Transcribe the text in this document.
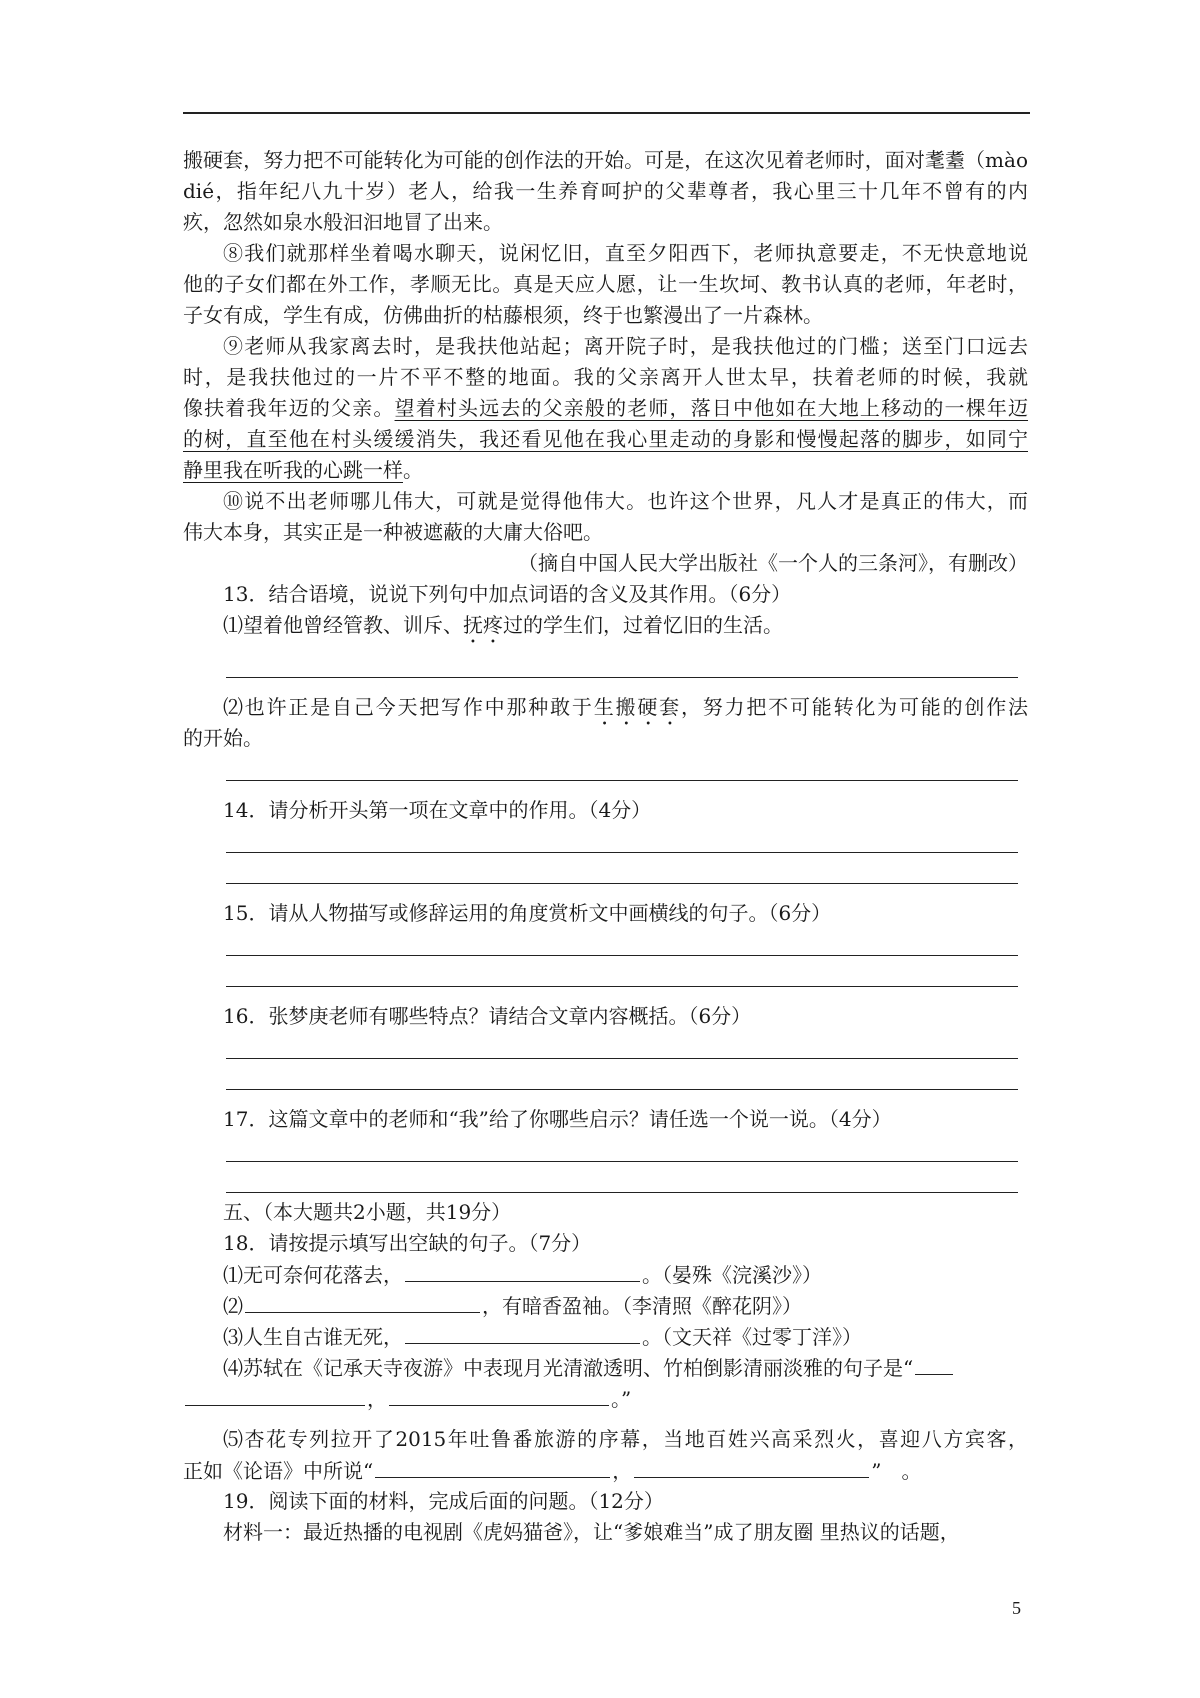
搬硬套，努力把不可能转化为可能的创作法的开始。可是，在这次见着老师时，面对耄耋（mào
dié，指年纪八九十岁）老人，给我一生养育呵护的父辈尊者，我心里三十几年不曾有的内
疚，忽然如泉水般汩汩地冒了出来。
⑧我们就那样坐着喝水聊天，说闲忆旧，直至夕阳西下，老师执意要走，不无快意地说
他的子女们都在外工作，孝顺无比。真是天应人愿，让一生坎坷、教书认真的老师，年老时，
子女有成，学生有成，仿佛曲折的枯藤根须，终于也繁漫出了一片森林。
⑨老师从我家离去时，是我扶他站起；离开院子时，是我扶他过的门槛；送至门口远去
时，是我扶他过的一片不平不整的地面。我的父亲离开人世太早，扶着老师的时候，我就
像扶着我年迈的父亲。望着村头远去的父亲般的老师，落日中他如在大地上移动的一棵年迈
的树，直至他在村头缓缓消失，我还看见他在我心里走动的身影和慢慢起落的脚步，如同宁
静里我在听我的心跳一样。
⑩说不出老师哪儿伟大，可就是觉得他伟大。也许这个世界，凡人才是真正的伟大，而
伟大本身，其实正是一种被遮蔽的大庸大俗吧。
（摘自中国人民大学出版社《一个人的三条河》，有删改）
13．结合语境，说说下列句中加点词语的含义及其作用。（6分）
⑴望着他曾经管教、训斥、抚疼过的学生们，过着忆旧的生活。
⑵也许正是自己今天把写作中那种敢于生搬硬套，努力把不可能转化为可能的创作法
的开始。
14．请分析开头第一项在文章中的作用。（4分）
15．请从人物描写或修辞运用的角度赏析文中画横线的句子。（6分）
16．张梦庚老师有哪些特点？请结合文章内容概括。（6分）
17．这篇文章中的老师和“我”给了你哪些启示？请任选一个说一说。（4分）
五、（本大题共2小题，共19分）
18．请按提示填写出空缺的句子。（7分）
⑴无可奈何花落去，	。（晏殊《浣溪沙》）
⑵	，有暗香盈袖。（李清照《醉花阴》）
⑶人生自古谁无死，	。（文天祥《过零丁洋》）
⑷苏轼在《记承天寺夜游》中表现月光清澈透明、竹柏倒影清丽淡雅的句子是“
，	。”
⑸杏花专列拉开了2015年吐鲁番旅游的序幕，当地百姓兴高采烈火，喜迎八方宾客，
正如《论语》中所说“	，	”　。
19．阅读下面的材料，完成后面的问题。（12分）
材料一：最近热播的电视剧《虎妈猫爸》，让“爹娘难当”成了朋友圈 里热议的话题，
5
